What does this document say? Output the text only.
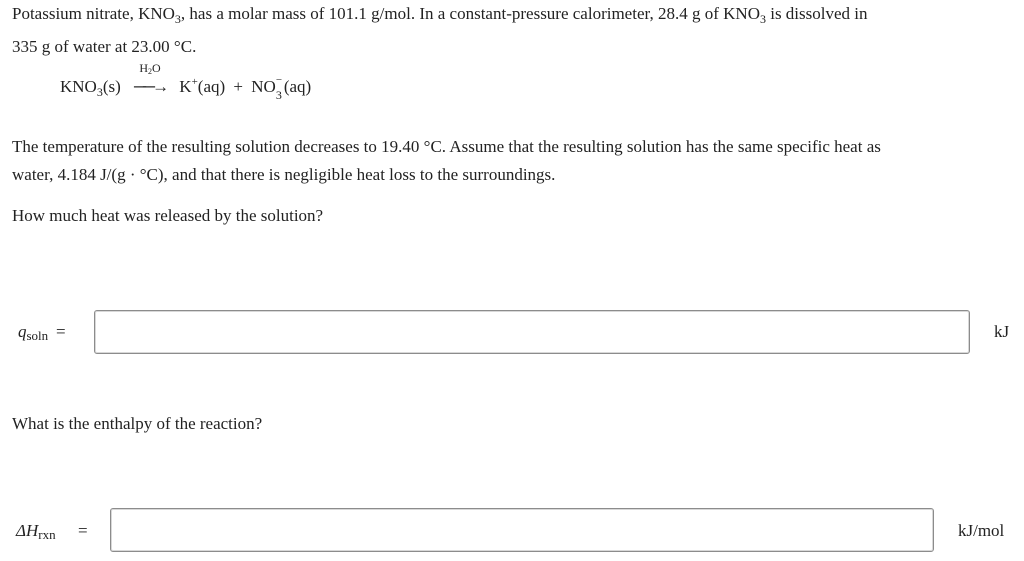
Potassium nitrate, $KNO_3$, has a molar mass of 101.1 g/mol. In a constant-pressure calorimeter, 28.4 g of $KNO_3$ is dissolved in
335 g of water at 23.00 °C.
$KNO_3(s)$
$H_2O$
──→ K+(aq) + NO −
3 (aq)
The temperature of the resulting solution decreases to 19.40 °C. Assume that the resulting solution has the same specific heat as
water, 4.184 J/(g · °C), and that there is negligible heat loss to the surroundings.
How much heat was released by the solution?
qsoln =	kJ
What is the enthalpy of the reaction?
ΔHrxn =	kJ/mol
